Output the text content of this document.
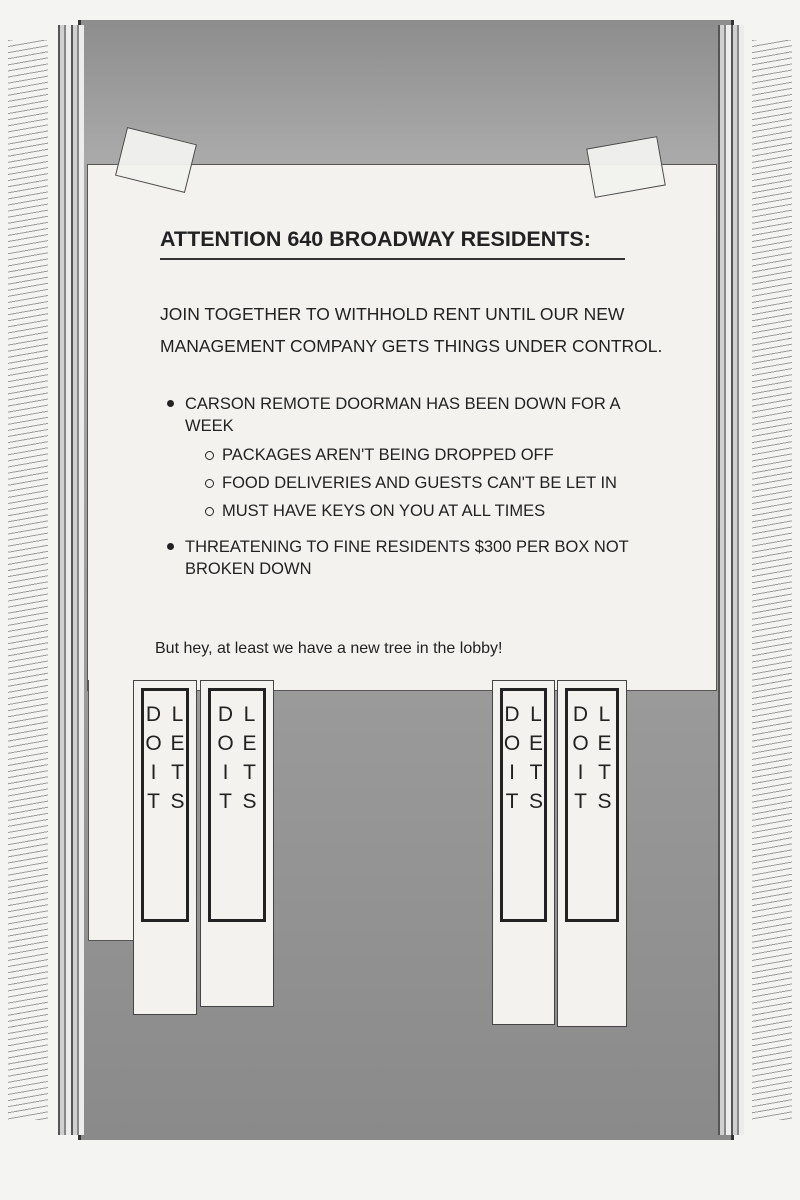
ATTENTION 640 BROADWAY RESIDENTS:
JOIN TOGETHER TO WITHHOLD RENT UNTIL OUR NEW
MANAGEMENT COMPANY GETS THINGS UNDER CONTROL.
CARSON REMOTE DOORMAN HAS BEEN DOWN FOR A WEEK
PACKAGES AREN'T BEING DROPPED OFF
FOOD DELIVERIES AND GUESTS CAN'T BE LET IN
MUST HAVE KEYS ON YOU AT ALL TIMES
THREATENING TO FINE RESIDENTS $300 PER BOX NOT BROKEN DOWN
But hey, at least we have a new tree in the lobby!
LETS DOIT	LETS DOIT	LETS DOIT	LETS DOIT
